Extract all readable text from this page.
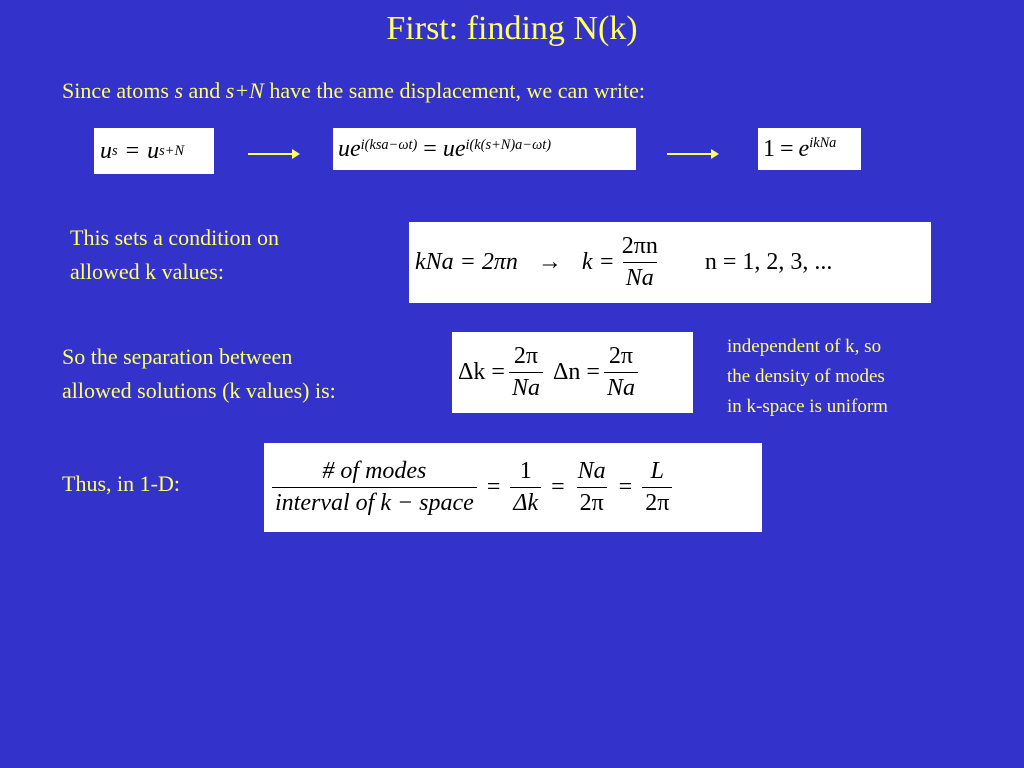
First: finding N(k)
Since atoms s and s+N have the same displacement, we can write:
u s = u s+N	$ue^{i(ksa-\omega t)} = ue^{i(k(s+N)a-\omega t)}$	$1 = e^{ikNa}$
This sets a condition on
allowed k values:	kNa = $2\pi n \to k = \frac{2\pi n}{Na}$ n = 1, 2, 3, ...
So the separation between
allowed solutions (k values) is:
$\Delta k = \frac{2\pi}{Na}$ $\Delta n = \frac{2\pi}{Na}$	independent of k, so
the density of modes
in k-space is uniform
Thus, in 1-D:	$\frac{\text{\# of modes}}{\text{interval of k − space}} = \frac{1}{\Delta k} = \frac{Na}{2\pi} = \frac{L}{2\pi}$
